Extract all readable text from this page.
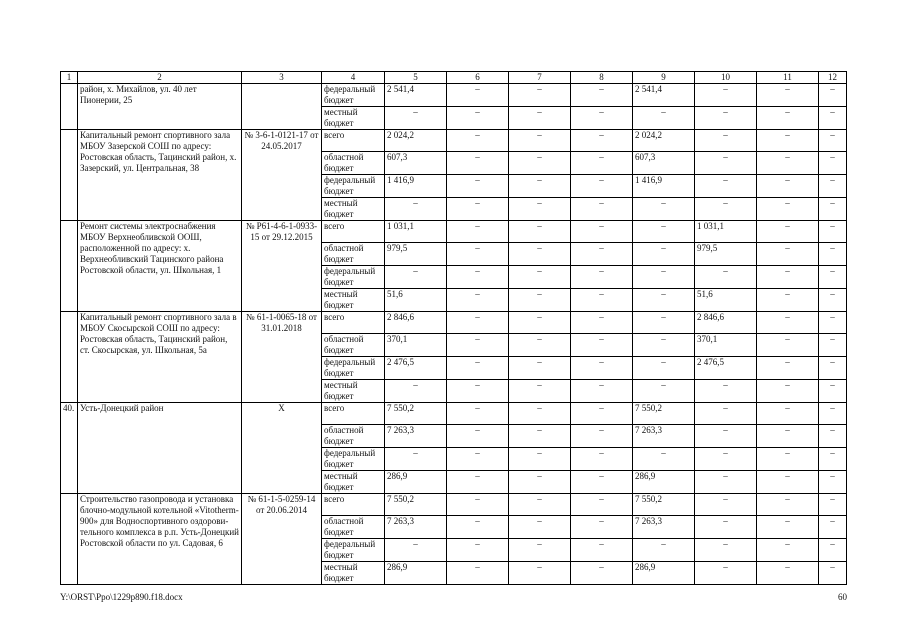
1	2	3	4	5	6	7	8	9	10	11	12
	район, х. Михайлов, ул. 40 лет Пионерии, 25		федеральный бюджет	2 541,4	–	–	–	2 541,4	–	–	–
			местный бюджет	–	–	–	–	–	–	–	–
	Капитальный ремонт спортивного зала МБОУ Зазерской СОШ по адресу: Ростовская область, Тацинский район, х. Зазерский, ул. Центральная, 38	№ 3-6-1-0121-17 от 24.05.2017	всего	2 024,2	–	–	–	2 024,2	–	–	–
			областной бюджет	607,3	–	–	–	607,3	–	–	–
			федеральный бюджет	1 416,9	–	–	–	1 416,9	–	–	–
			местный бюджет	–	–	–	–	–	–	–	–
	Ремонт системы электроснабжения МБОУ Верхнеобливской ООШ, расположенной по адресу: х. Верхнеобливский Тацинского района Ростовской области, ул. Школьная, 1	№ Р61-4-6-1-0933-15 от 29.12.2015	всего	1 031,1	–	–	–	–	1 031,1	–	–
			областной бюджет	979,5	–	–	–	–	979,5	–	–
			федеральный бюджет	–	–	–	–	–	–	–	–
			местный бюджет	51,6	–	–	–	–	51,6	–	–
	Капитальный ремонт спортивного зала в МБОУ Скосырской СОШ по адресу: Ростовская область, Тацинский район, ст. Скосырская, ул. Школьная, 5а	№ 61-1-0065-18 от 31.01.2018	всего	2 846,6	–	–	–	–	2 846,6	–	–
			областной бюджет	370,1	–	–	–	–	370,1	–	–
			федеральный бюджет	2 476,5	–	–	–	–	2 476,5	–	–
			местный бюджет	–	–	–	–	–	–	–	–
40.	Усть-Донецкий район	Х	всего	7 550,2	–	–	–	7 550,2	–	–	–
			областной бюджет	7 263,3	–	–	–	7 263,3	–	–	–
			федеральный бюджет	–	–	–	–	–	–	–	–
			местный бюджет	286,9	–	–	–	286,9	–	–	–
	Строительство газопровода и установка блочно-модульной котельной «Vitotherm-900» для Водноспортивного оздоровительного комплекса в р.п. Усть-Донецкий Ростовской области по ул. Садовая, 6	№ 61-1-5-0259-14 от 20.06.2014	всего	7 550,2	–	–	–	7 550,2	–	–	–
			областной бюджет	7 263,3	–	–	–	7 263,3	–	–	–
			федеральный бюджет	–	–	–	–	–	–	–	–
			местный бюджет	286,9	–	–	–	286,9	–	–	–
Y:\ORST\Ppo\1229p890.f18.docx	60
